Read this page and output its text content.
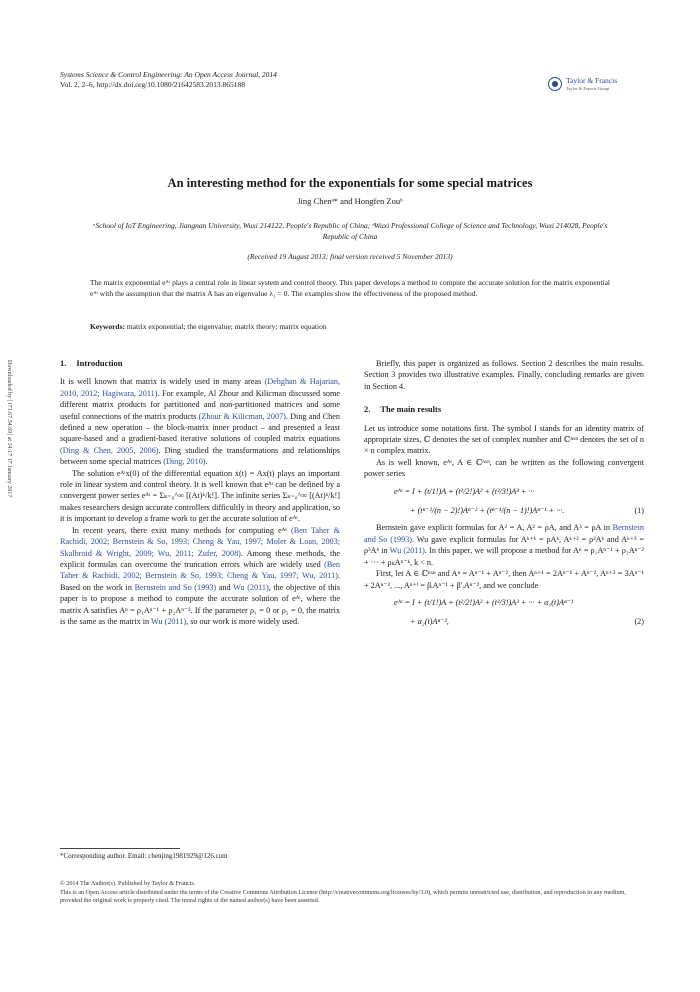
Systems Science & Control Engineering: An Open Access Journal, 2014
Vol. 2, 2–6, http://dx.doi.org/10.1080/21642583.2013.865188	Taylor & Francis
Taylor & Francis Group
An interesting method for the exponentials for some special matrices
Jing Chenᵃ* and Hongfen Zouᵇ
ᵃSchool of IoT Engineering, Jiangnan University, Wuxi 214122, People's Republic of China; ᵇWuxi Professional College of Science and Technology, Wuxi 214028, People's Republic of China
(Received 19 August 2013; final version received 5 November 2013)
The matrix exponential eᴬᵗ plays a central role in linear system and control theory. This paper develops a method to compute the accurate solution for the matrix exponential eᴬᵗ with the assumption that the matrix A has an eigenvalue λ₁ = 0. The examples show the effectiveness of the proposed method.
Keywords: matrix exponential; the eigenvalue; matrix theory; matrix equation
Downloaded by [171.67.34.69] at 14:17 17 January 2017	1. Introduction

It is well known that matrix is widely used in many areas (Dehghan & Hajarian, 2010, 2012; Hagiwara, 2011). For example, Al Zhour and Kilicman discussed some different matrix products for partitioned and non-partitioned matrices and some useful connections of the matrix products (Zhour & Kilicman, 2007). Ding and Chen defined a new operation – the block-matrix inner product – and presented a least square-based and a gradient-based iterative solutions of coupled matrix equations (Ding & Chen, 2005, 2006). Ding studied the transformations and relationships between some special matrices (Ding, 2010).

The solution eᴬᵗx(0) of the differential equation ẋ(t) = Ax(t) plays an important role in linear system and control theory. It is well known that eᴬᵗ can be defined by a convergent power series eᴬᵗ = Σₖ₌₀^∞ [(At)ᵏ/k!]. The infinite series Σₖ₌₀^∞ [(At)ᵏ/k!] makes researchers design accurate controllers difficultly in theory and application, so it is important to develop a frame work to get the accurate solution of eᴬᵗ.

In recent years, there exist many methods for computing eᴬᵗ (Ben Taher & Rachidi, 2002; Bernstein & So, 1993; Cheng & Yau, 1997; Moler & Loan, 2003; Skalbroid & Wright, 2009; Wu, 2011; Zufer, 2008). Among these methods, the explicit formulas can overcome the truncation errors which are widely used (Ben Taher & Rachidi, 2002; Bernstein & So, 1993; Cheng & Yau, 1997; Wu, 2011). Based on the work in Bernstein and So (1993) and Wu (2011), the objective of this paper is to propose a method to compute the accurate solution of eᴬᵗ, where the matrix A satisfies Aⁿ = ρ₁Aⁿ⁻¹ + ρ₂Aⁿ⁻². If the parameter ρ₁ = 0 or ρ₂ = 0, the matrix is the same as the matrix in Wu (2011), so our work is more widely used.

Briefly, this paper is organized as follows. Section 2 describes the main results. Section 3 provides two illustrative examples. Finally, concluding remarks are given in Section 4.

2. The main results

Let us introduce some notations first. The symbol I stands for an identity matrix of appropriate sizes, ℂ denotes the set of complex number and ℂⁿˣⁿ denotes the set of n × n complex matrix.

As is well known, eᴬᵗ, A ∈ ℂⁿˣⁿ, can be written as the following convergent power series

eᴬᵗ = I + (t/1!)A + (t²/2!)A² + (t³/3!)A³ + ···
+ (tⁿ⁻²/(n − 2)!)Aⁿ⁻² + (tⁿ⁻¹/(n − 1)!)Aⁿ⁻¹ + ···.	(1)

Bernstein gave explicit formulas for A² = A, A² = ρA, and A³ = ρA in Bernstein and So (1993). Wu gave explicit formulas for Aᵏ⁺¹ = ρAᵏ, Aᵏ⁺² = ρ²Aᵏ and Aᵏ⁺³ = ρ³Aᵏ in Wu (2011). In this paper, we will propose a method for Aⁿ = ρ₁Aⁿ⁻¹ + ρ₂Aⁿ⁻² + ··· + ρₖAⁿ⁻ᵏ, k < n.

First, let A ∈ ℂⁿˣⁿ and Aⁿ = Aⁿ⁻¹ + Aⁿ⁻², then Aⁿ⁺¹ = 2Aⁿ⁻¹ + Aⁿ⁻², Aⁿ⁺² = 3Aⁿ⁻¹ + 2Aⁿ⁻², ..., Aⁿ⁺ⁱ = βᵢAⁿ⁻¹ + β′ᵢAⁿ⁻², and we conclude

eᴬᵗ = I + (t/1!)A + (t²/2!)A² + (t³/3!)A³ + ··· + α₁(t)Aⁿ⁻¹
+ α₂(t)Aⁿ⁻²,	(2)
*Corresponding author. Email: chenjing1981929@126.com
© 2014 The Author(s). Published by Taylor & Francis.
This is an Open Access article distributed under the terms of the Creative Commons Attribution License (http://creativecommons.org/licenses/by/3.0), which permits unrestricted use, distribution, and reproduction in any medium, provided the original work is properly cited. The moral rights of the named author(s) have been asserted.
